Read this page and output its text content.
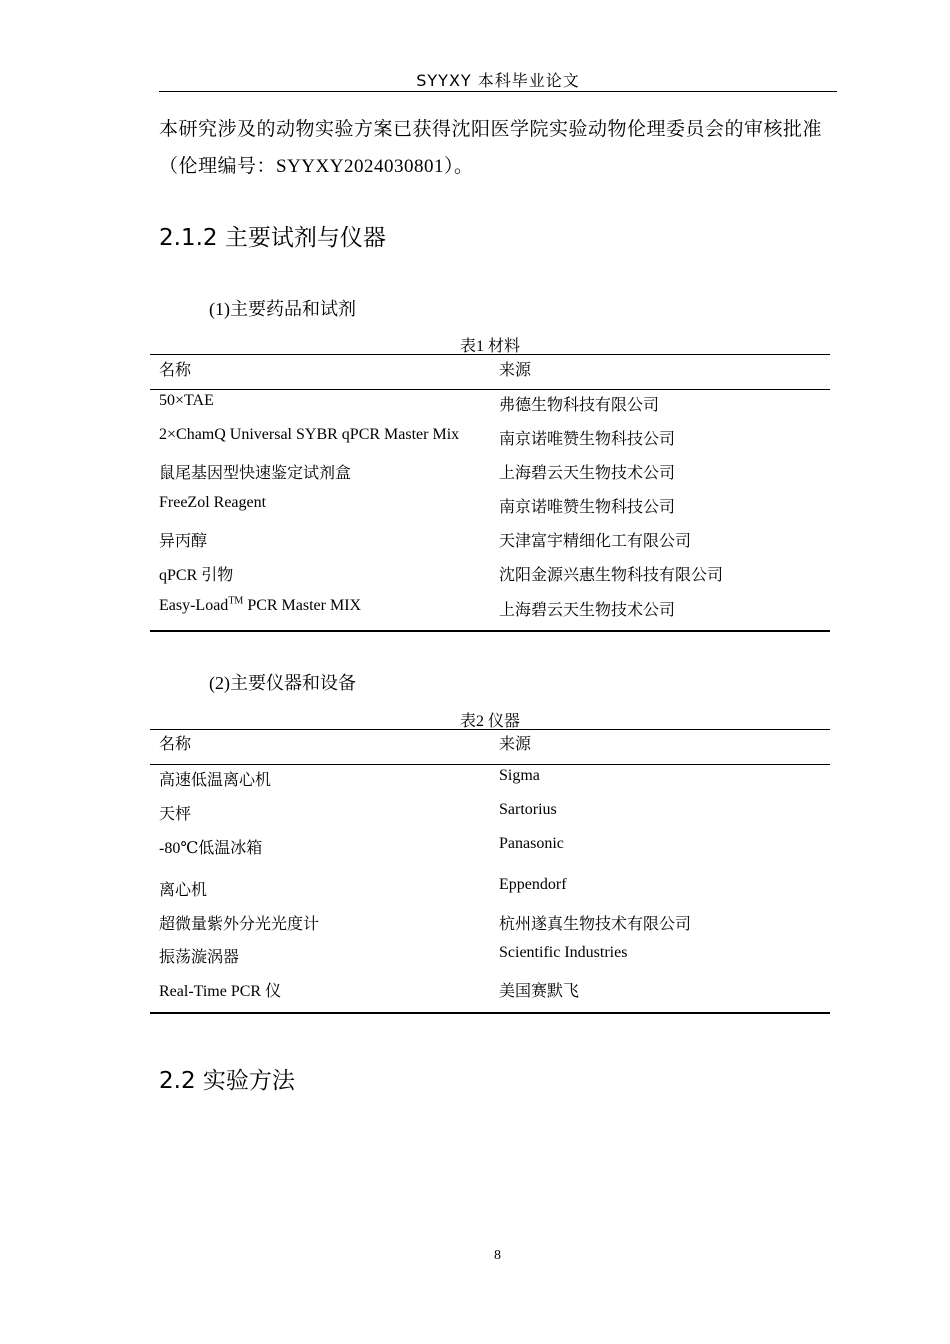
SYYXY 本科毕业论文
本研究涉及的动物实验方案已获得沈阳医学院实验动物伦理委员会的审核批准
（伦理编号：SYYXY2024030801）。
2.1.2 主要试剂与仪器
(1)主要药品和试剂
表1 材料
名称	来源
50×TAE	弗德生物科技有限公司
2×ChamQ Universal SYBR qPCR Master Mix 南京诺唯赞生物科技公司
鼠尾基因型快速鉴定试剂盒	上海碧云天生物技术公司
FreeZol Reagent	南京诺唯赞生物科技公司
异丙醇	天津富宇精细化工有限公司
qPCR 引物	沈阳金源兴惠生物科技有限公司
Easy-Load™ PCR Master MIX	上海碧云天生物技术公司
(2)主要仪器和设备
表2 仪器
名称	来源
高速低温离心机	Sigma
天枰	Sartorius
-80℃低温冰箱	Panasonic
离心机	Eppendorf
超微量紫外分光光度计	杭州遂真生物技术有限公司
振荡漩涡器	Scientific Industries
Real-Time PCR 仪	美国赛默飞
2.2 实验方法
8
